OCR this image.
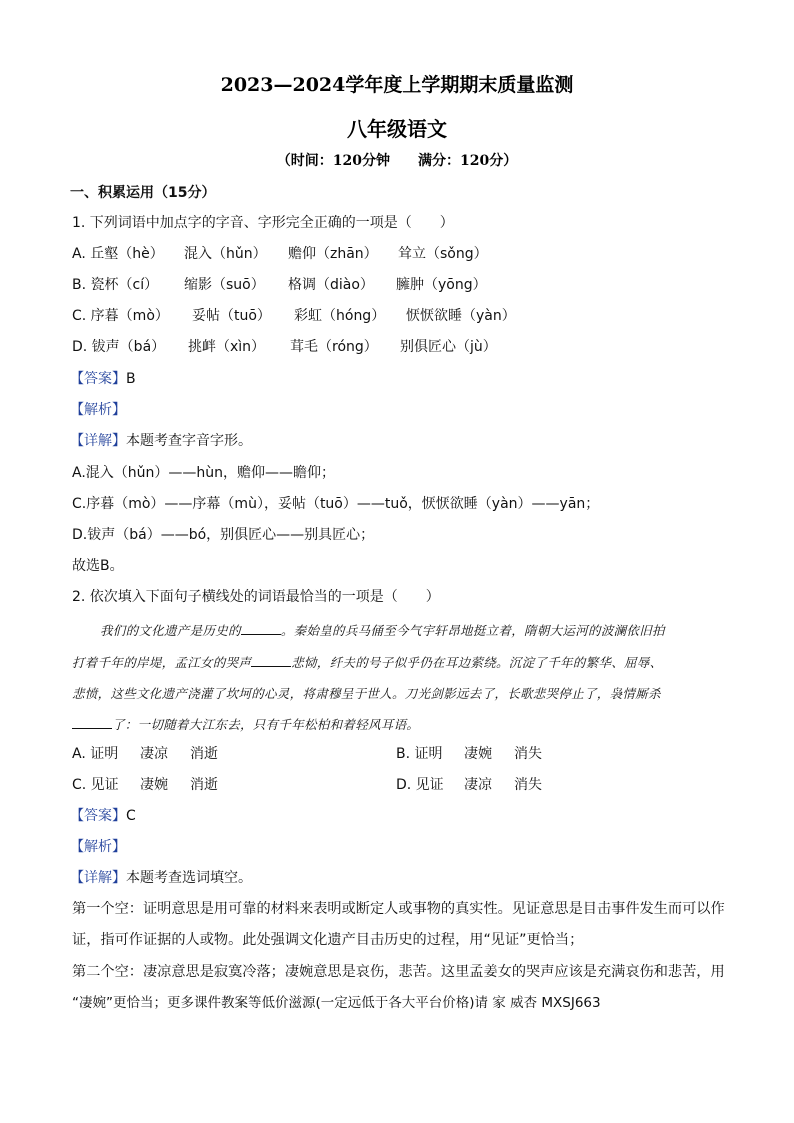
2023—2024学年度上学期期末质量监测
八年级语文
（时间：120分钟　　满分：120分）
一、积累运用（15分）
1. 下列词语中加点字的字音、字形完全正确的一项是（　　）
A. 丘壑（hè） 混入（hǔn） 赡仰（zhān） 耸立（sǒng）
B. 瓷杯（cí） 缩影（suō） 格调（diào） 臃肿（yōng）
C. 序暮（mò） 妥帖（tuō） 彩虹（hóng） 恹恹欲睡（yàn）
D. 钹声（bá） 挑衅（xìn） 茸毛（róng） 别俱匠心（jù）
【答案】B
【解析】
【详解】本题考查字音字形。
A.混入（hǔn）——hùn，赡仰——瞻仰；
C.序暮（mò）——序幕（mù），妥帖（tuō）——tuǒ，恹恹欲睡（yàn）——yān；
D.钹声（bá）——bó，别俱匠心——别具匠心；
故选B。
2. 依次填入下面句子横线处的词语最恰当的一项是（　　）
我们的文化遗产是历史的	。秦始皇的兵马俑至今气宇轩昂地挺立着，隋朝大运河的波澜依旧拍
打着千年的岸堤，孟江女的哭声	悲恸，纤夫的号子似乎仍在耳边萦绕。沉淀了千年的繁华、屈辱、
悲愤，这些文化遗产浇灌了坎坷的心灵，将肃穆呈于世人。刀光剑影远去了，长歌悲哭停止了，袅情厮杀
了：一切随着大江东去，只有千年松柏和着轻风耳语。
A. 证明 凄凉 消逝	B. 证明 凄婉 消失
C. 见证 凄婉 消逝	D. 见证 凄凉 消失
【答案】C
【解析】
【详解】本题考查选词填空。
第一个空：证明意思是用可靠的材料来表明或断定人或事物的真实性。见证意思是目击事件发生而可以作
证，指可作证据的人或物。此处强调文化遗产目击历史的过程，用“见证”更恰当；
第二个空：凄凉意思是寂寞冷落；凄婉意思是哀伤，悲苦。这里孟姜女的哭声应该是充满哀伤和悲苦，用
“凄婉”更恰当；更多课件教案等低价滋源(一定远低于各大平台价格)请 家 威杏 MXSJ663
